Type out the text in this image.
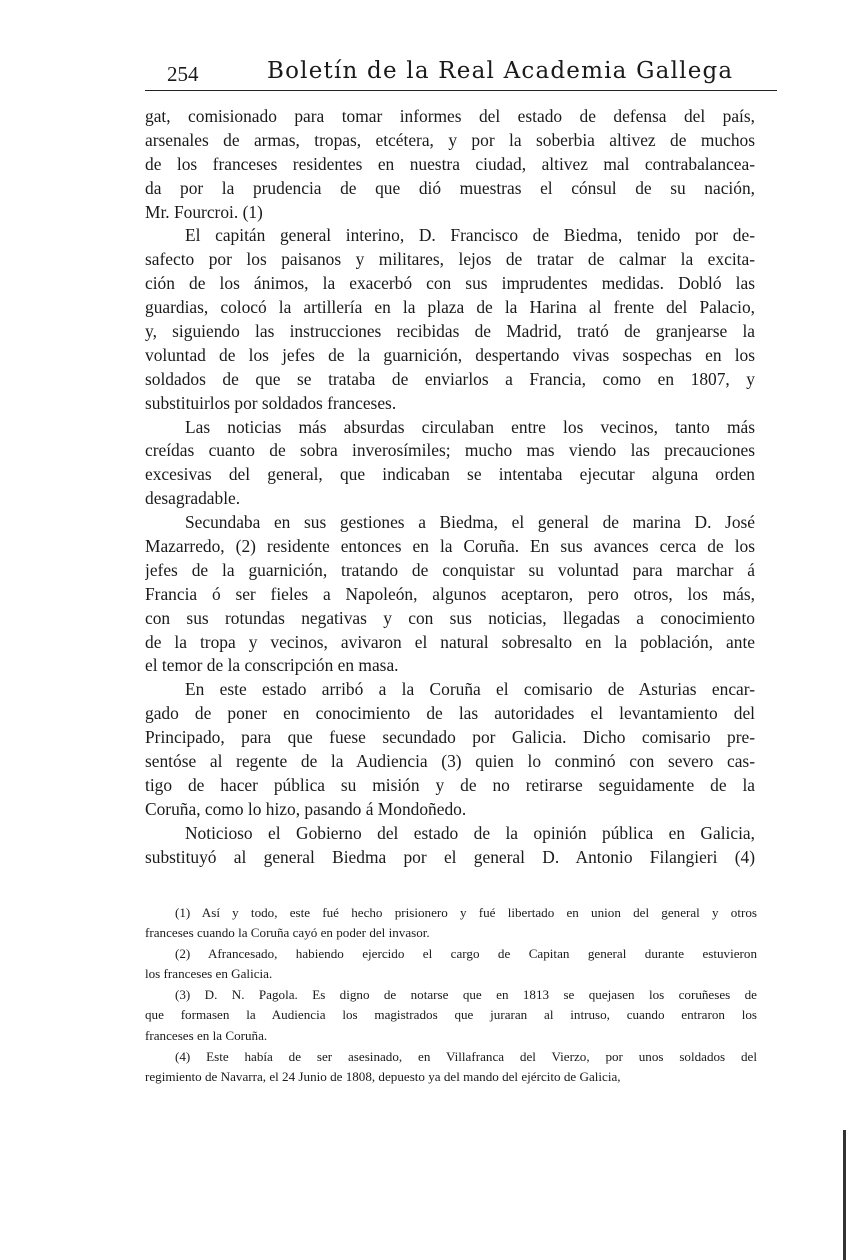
254	Boletín de la Real Academia Gallega
gat, comisionado para tomar informes del estado de defensa del país,
arsenales de armas, tropas, etcétera, y por la soberbia altivez de muchos
de los franceses residentes en nuestra ciudad, altivez mal contrabalancea-
da por la prudencia de que dió muestras el cónsul de su nación,
Mr. Fourcroi. (1)
El capitán general interino, D. Francisco de Biedma, tenido por de-
safecto por los paisanos y militares, lejos de tratar de calmar la excita-
ción de los ánimos, la exacerbó con sus imprudentes medidas. Dobló las
guardias, colocó la artillería en la plaza de la Harina al frente del Palacio,
y, siguiendo las instrucciones recibidas de Madrid, trató de granjearse la
voluntad de los jefes de la guarnición, despertando vivas sospechas en los
soldados de que se trataba de enviarlos a Francia, como en 1807, y
substituirlos por soldados franceses.
Las noticias más absurdas circulaban entre los vecinos, tanto más
creídas cuanto de sobra inverosímiles; mucho mas viendo las precauciones
excesivas del general, que indicaban se intentaba ejecutar alguna orden
desagradable.
Secundaba en sus gestiones a Biedma, el general de marina D. José
Mazarredo, (2) residente entonces en la Coruña. En sus avances cerca de los
jefes de la guarnición, tratando de conquistar su voluntad para marchar á
Francia ó ser fieles a Napoleón, algunos aceptaron, pero otros, los más,
con sus rotundas negativas y con sus noticias, llegadas a conocimiento
de la tropa y vecinos, avivaron el natural sobresalto en la población, ante
el temor de la conscripción en masa.
En este estado arribó a la Coruña el comisario de Asturias encar-
gado de poner en conocimiento de las autoridades el levantamiento del
Principado, para que fuese secundado por Galicia. Dicho comisario pre-
sentóse al regente de la Audiencia (3) quien lo conminó con severo cas-
tigo de hacer pública su misión y de no retirarse seguidamente de la
Coruña, como lo hizo, pasando á Mondoñedo.
Noticioso el Gobierno del estado de la opinión pública en Galicia,
substituyó al general Biedma por el general D. Antonio Filangieri (4)
(1) Así y todo, este fué hecho prisionero y fué libertado en union del general y otros
franceses cuando la Coruña cayó en poder del invasor.
(2) Afrancesado, habiendo ejercido el cargo de Capitan general durante estuvieron
los franceses en Galicia.
(3) D. N. Pagola. Es digno de notarse que en 1813 se quejasen los coruñeses de
que formasen la Audiencia los magistrados que juraran al intruso, cuando entraron los
franceses en la Coruña.
(4) Este había de ser asesinado, en Villafranca del Vierzo, por unos soldados del
regimiento de Navarra, el 24 Junio de 1808, depuesto ya del mando del ejército de Galicia,
